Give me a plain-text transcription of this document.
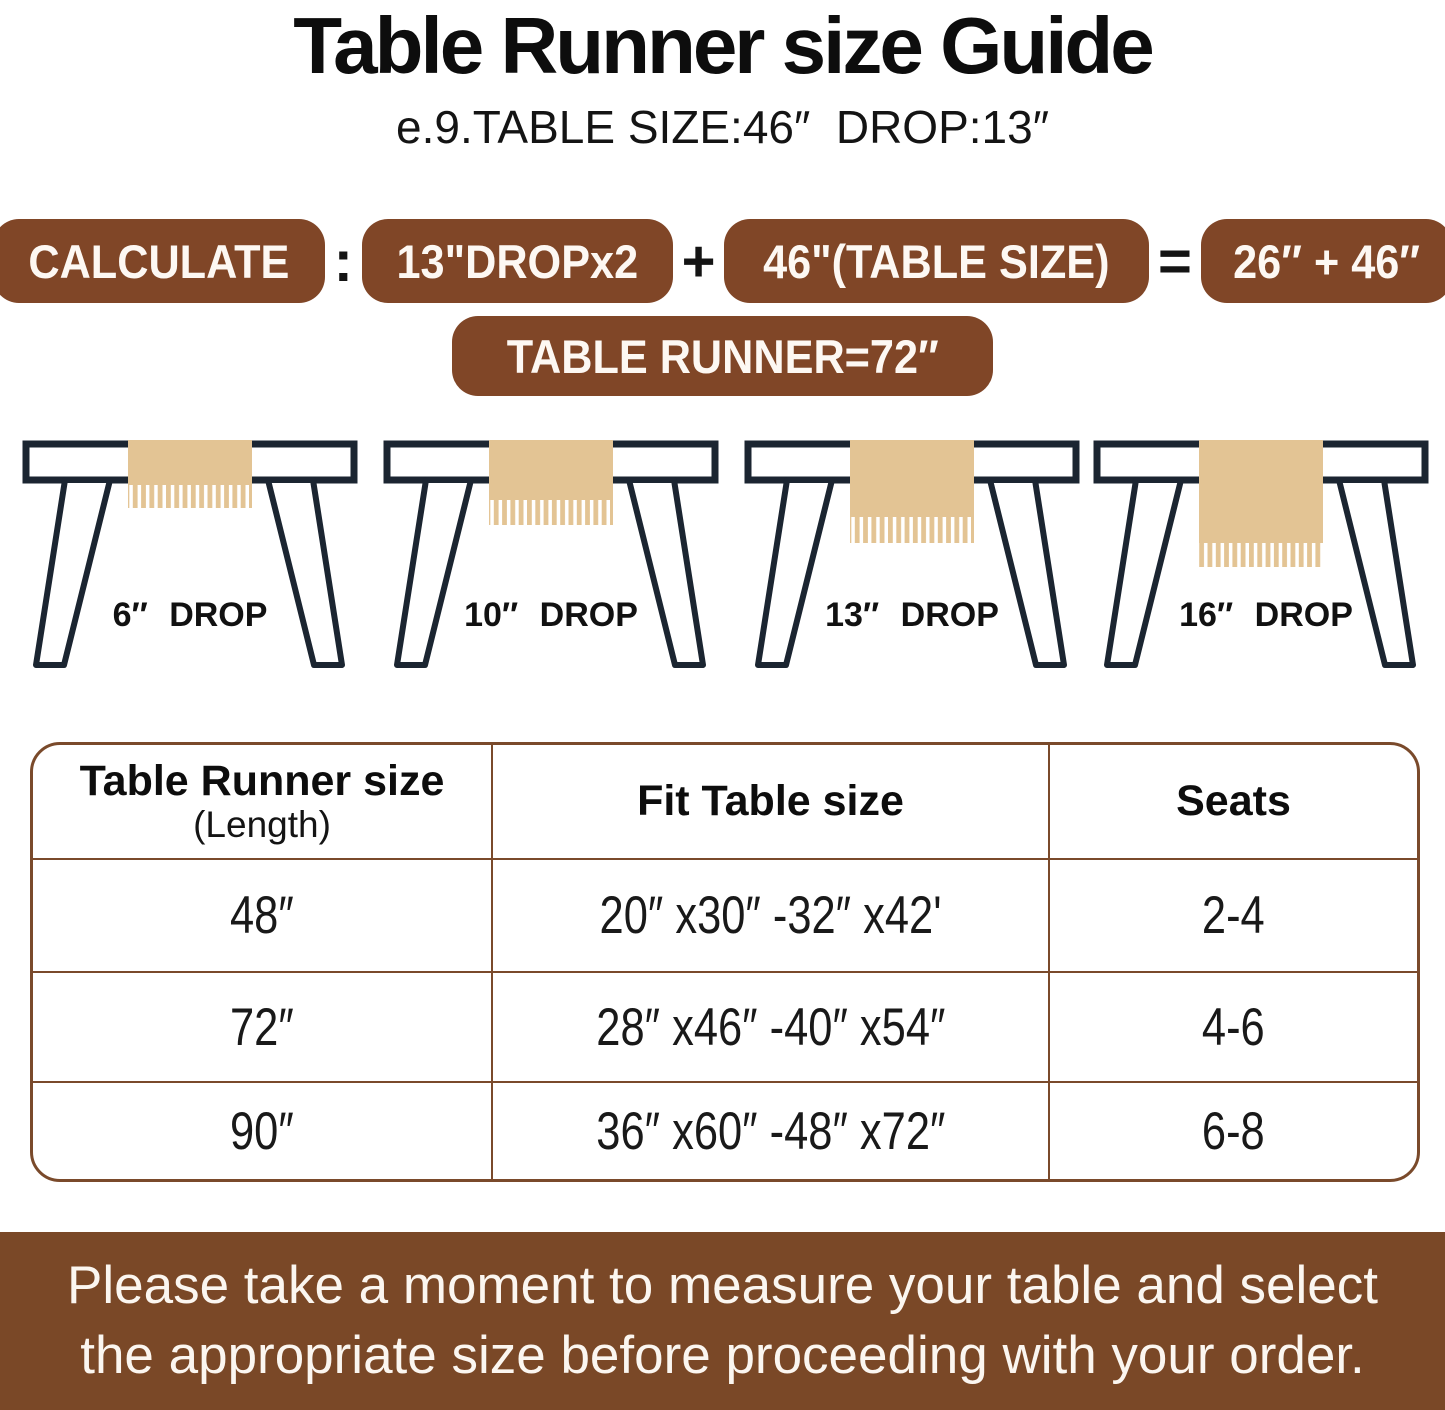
Table Runner size Guide
e.9.TABLE SIZE:46″  DROP:13″
CALCULATE : 13"DROPx2 + 46"(TABLE SIZE) = 26″ + 46″
TABLE RUNNER=72″
6″ DROP	10″ DROP	13″ DROP	16″ DROP
Table Runner size
(Length)	Fit Table size	Seats
48″	20″ x30″ -32″ x42'	2-4
72″	28″ x46″ -40″ x54″	4-6
90″	36″ x60″ -48″ x72″	6-8
Please take a moment to measure your table and select
the appropriate size before proceeding with your order.
